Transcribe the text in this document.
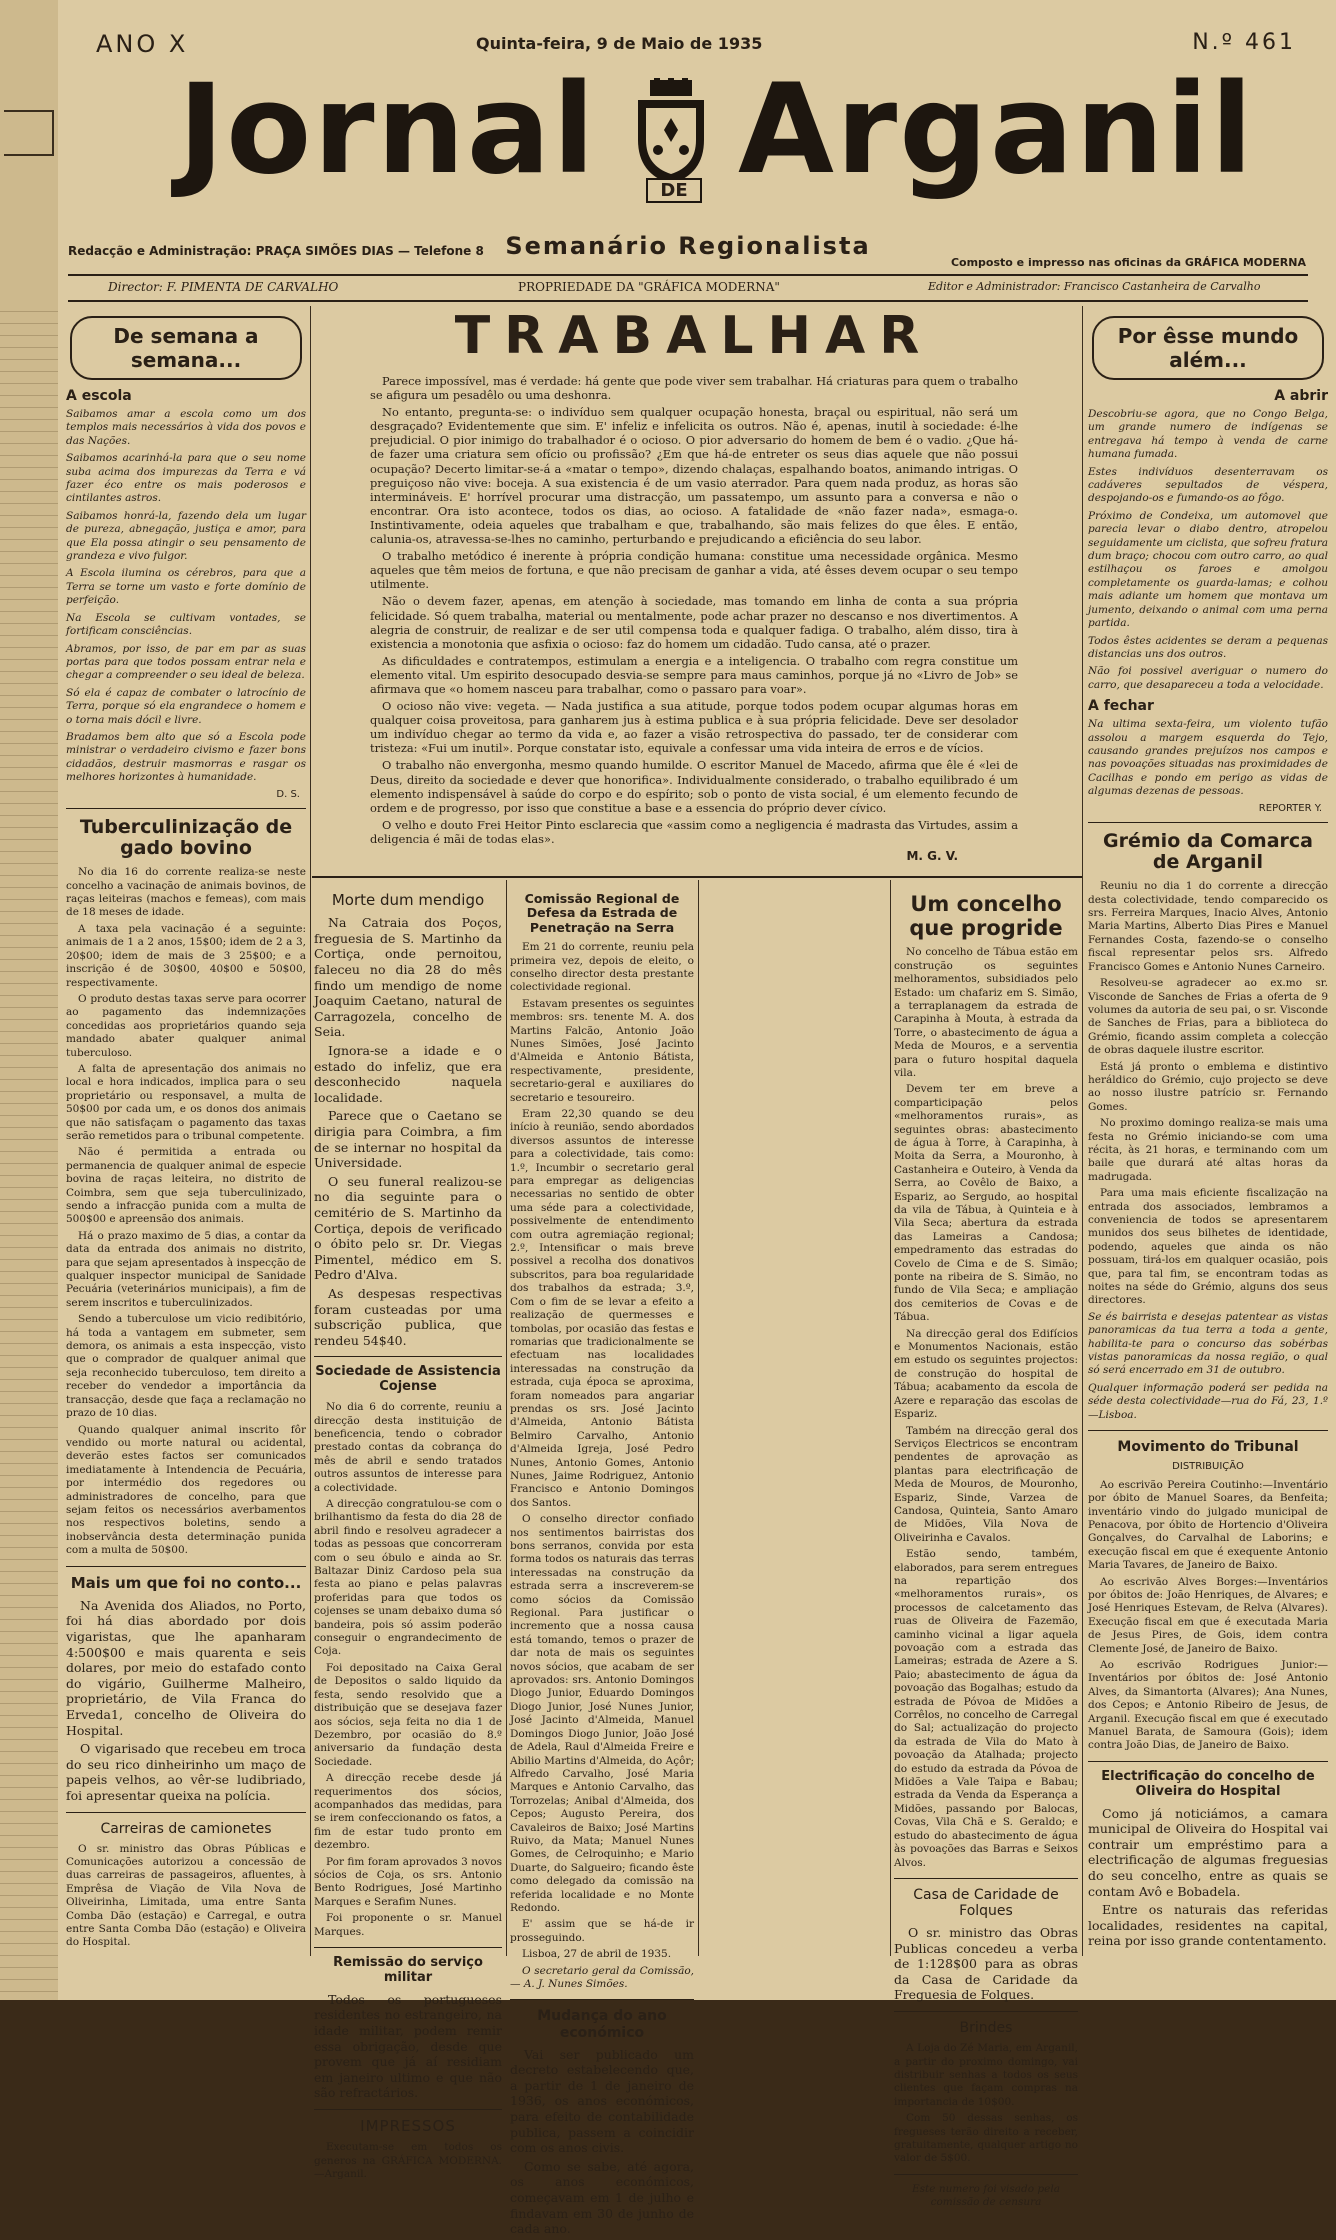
ANO X	Quinta-feira, 9 de Maio de 1935	N.º 461
Jornal	DE Arganil
Semanário Regionalista
Redacção e Administração: PRAÇA SIMÕES DIAS — Telefone 8
Composto e impresso nas oficinas da GRÁFICA MODERNA
Director: F. PIMENTA DE CARVALHO	PROPRIEDADE DA "GRÁFICA MODERNA"	Editor e Administrador: Francisco Castanheira de Carvalho
De semana a semana...
A escola

Saibamos amar a escola como um dos templos mais necessários à vida dos povos e das Nações.

Saibamos acarinhá-la para que o seu nome suba acima dos impurezas da Terra e vá fazer éco entre os mais poderosos e cintilantes astros.

Saibamos honrá-la, fazendo dela um lugar de pureza, abnegação, justiça e amor, para que Ela possa atingir o seu pensamento de grandeza e vivo fulgor.

A Escola ilumina os cérebros, para que a Terra se torne um vasto e forte domínio de perfeição.

Na Escola se cultivam vontades, se fortificam consciências.

Abramos, por isso, de par em par as suas portas para que todos possam entrar nela e chegar a compreender o seu ideal de beleza.

Só ela é capaz de combater o latrocínio de Terra, porque só ela engrandece o homem e o torna mais dócil e livre.

Bradamos bem alto que só a Escola pode ministrar o verdadeiro civismo e fazer bons cidadãos, destruir masmorras e rasgar os melhores horizontes à humanidade.

D. S.
Tuberculinização de gado bovino

No dia 16 do corrente realiza-se neste concelho a vacinação de animais bovinos, de raças leiteiras (machos e femeas), com mais de 18 meses de idade.

A taxa pela vacinação é a seguinte: animais de 1 a 2 anos, 15$00; idem de 2 a 3, 20$00; idem de mais de 3 25$00; e a inscrição é de 30$00, 40$00 e 50$00, respectivamente.

O produto destas taxas serve para ocorrer ao pagamento das indemnizações concedidas aos proprietários quando seja mandado abater qualquer animal tuberculoso.

A falta de apresentação dos animais no local e hora indicados, implica para o seu proprietário ou responsavel, a multa de 50$00 por cada um, e os donos dos animais que não satisfaçam o pagamento das taxas serão remetidos para o tribunal competente.

Não é permitida a entrada ou permanencia de qualquer animal de especie bovina de raças leiteira, no distrito de Coimbra, sem que seja tuberculinizado, sendo a infracção punida com a multa de 500$00 e apreensão dos animais.

Há o prazo maximo de 5 dias, a contar da data da entrada dos animais no distrito, para que sejam apresentados à inspecção de qualquer inspector municipal de Sanidade Pecuária (veterinários municipais), a fim de serem inscritos e tuberculinizados.

Sendo a tuberculose um vicio redibitório, há toda a vantagem em submeter, sem demora, os animais a esta inspecção, visto que o comprador de qualquer animal que seja reconhecido tuberculoso, tem direito a receber do vendedor a importância da transacção, desde que faça a reclamação no prazo de 10 dias.

Quando qualquer animal inscrito fôr vendido ou morte natural ou acidental, deverão estes factos ser comunicados imediatamente à Intendencia de Pecuária, por intermédio dos regedores ou administradores de concelho, para que sejam feitos os necessários averbamentos nos respectivos boletins, sendo a inobservância desta determinação punida com a multa de 50$00.

Mais um que foi no conto...

Na Avenida dos Aliados, no Porto, foi há dias abordado por dois vigaristas, que lhe apanharam 4:500$00 e mais quarenta e seis dolares, por meio do estafado conto do vigário, Guilherme Malheiro, proprietário, de Vila Franca do Erveda1, concelho de Oliveira do Hospital.

O vigarisado que recebeu em troca do seu rico dinheirinho um maço de papeis velhos, ao vêr-se ludibriado, foi apresentar queixa na polícia.

Carreiras de camionetes

O sr. ministro das Obras Públicas e Comunicações autorizou a concessão de duas carreiras de passageiros, afluentes, à Emprêsa de Viação de Vila Nova de Oliveirinha, Limitada, uma entre Santa Comba Dão (estação) e Carregal, e outra entre Santa Comba Dão (estação) e Oliveira do Hospital.

TRABALHAR

Parece impossível, mas é verdade: há gente que pode viver sem trabalhar. Há criaturas para quem o trabalho se afigura um pesadêlo ou uma deshonra.

No entanto, pregunta-se: o indivíduo sem qualquer ocupação honesta, braçal ou espiritual, não será um desgraçado? Evidentemente que sim. E' infeliz e infelicita os outros. Não é, apenas, inutil à sociedade: é-lhe prejudicial. O pior inimigo do trabalhador é o ocioso. O pior adversario do homem de bem é o vadio. ¿Que há-de fazer uma criatura sem ofício ou profissão? ¿Em que há-de entreter os seus dias aquele que não possui ocupação? Decerto limitar-se-á a «matar o tempo», dizendo chalaças, espalhando boatos, animando intrigas. O preguiçoso não vive: boceja. A sua existencia é de um vasio aterrador. Para quem nada produz, as horas são intermináveis. E' horrível procurar uma distracção, um passatempo, um assunto para a conversa e não o encontrar. Ora isto acontece, todos os dias, ao ocioso. A fatalidade de «não fazer nada», esmaga-o. Instintivamente, odeia aqueles que trabalham e que, trabalhando, são mais felizes do que êles. E então, calunia-os, atravessa-se-lhes no caminho, perturbando e prejudicando a eficiência do seu labor.

O trabalho metódico é inerente à própria condição humana: constitue uma necessidade orgânica. Mesmo aqueles que têm meios de fortuna, e que não precisam de ganhar a vida, até êsses devem ocupar o seu tempo utilmente.

Não o devem fazer, apenas, em atenção à sociedade, mas tomando em linha de conta a sua própria felicidade. Só quem trabalha, material ou mentalmente, pode achar prazer no descanso e nos divertimentos. A alegria de construir, de realizar e de ser util compensa toda e qualquer fadiga. O trabalho, além disso, tira à existencia a monotonia que asfixia o ocioso: faz do homem um cidadão. Tudo cansa, até o prazer.

As dificuldades e contratempos, estimulam a energia e a inteligencia. O trabalho com regra constitue um elemento vital. Um espirito desocupado desvia-se sempre para maus caminhos, porque já no «Livro de Job» se afirmava que «o homem nasceu para trabalhar, como o passaro para voar».

O ocioso não vive: vegeta. — Nada justifica a sua atitude, porque todos podem ocupar algumas horas em qualquer coisa proveitosa, para ganharem jus à estima publica e à sua própria felicidade. Deve ser desolador um indivíduo chegar ao termo da vida e, ao fazer a visão retrospectiva do passado, ter de considerar com tristeza: «Fui um inutil». Porque constatar isto, equivale a confessar uma vida inteira de erros e de vícios.

O trabalho não envergonha, mesmo quando humilde. O escritor Manuel de Macedo, afirma que êle é «lei de Deus, direito da sociedade e dever que honorifica». Individualmente considerado, o trabalho equilibrado é um elemento indispensável à saúde do corpo e do espírito; sob o ponto de vista social, é um elemento fecundo de ordem e de progresso, por isso que constitue a base e a essencia do próprio dever cívico.

O velho e douto Frei Heitor Pinto esclarecia que «assim como a negligencia é madrasta das Virtudes, assim a deligencia é mãi de todas elas».

M. G. V.
Morte dum mendigo

Na Catraia dos Poços, freguesia de S. Martinho da Cortiça, onde pernoitou, faleceu no dia 28 do mês findo um mendigo de nome Joaquim Caetano, natural de Carragozela, concelho de Seia.

Ignora-se a idade e o estado do infeliz, que era desconhecido naquela localidade.

Parece que o Caetano se dirigia para Coimbra, a fim de se internar no hospital da Universidade.

O seu funeral realizou-se no dia seguinte para o cemitério de S. Martinho da Cortiça, depois de verificado o óbito pelo sr. Dr. Viegas Pimentel, médico em S. Pedro d'Alva.

As despesas respectivas foram custeadas por uma subscrição publica, que rendeu 54$40.

Sociedade de Assistencia Cojense

No dia 6 do corrente, reuniu a direcção desta instituição de beneficencia, tendo o cobrador prestado contas da cobrança do mês de abril e sendo tratados outros assuntos de interesse para a colectividade.

A direcção congratulou-se com o brilhantismo da festa do dia 28 de abril findo e resolveu agradecer a todas as pessoas que concorreram com o seu óbulo e ainda ao Sr. Baltazar Diniz Cardoso pela sua festa ao piano e pelas palavras proferidas para que todos os cojenses se unam debaixo duma só bandeira, pois só assim poderão conseguir o engrandecimento de Coja.

Foi depositado na Caixa Geral de Depositos o saldo liquido da festa, sendo resolvido que a distribuição que se desejava fazer aos sócios, seja feita no dia 1 de Dezembro, por ocasião do 8.º aniversario da fundação desta Sociedade.

A direcção recebe desde já requerimentos dos sócios, acompanhados das medidas, para se irem confeccionando os fatos, a fim de estar tudo pronto em dezembro.

Por fim foram aprovados 3 novos sócios de Coja, os srs. Antonio Bento Rodrigues, José Martinho Marques e Serafim Nunes.

Foi proponente o sr. Manuel Marques.

Remissão do serviço militar

Todos os portugueses residentes no estrangeiro, na idade militar, podem remir essa obrigação, desde que provem que já aí residiam em janeiro ultimo e que não são refractários.

IMPRESSOS

Executam-se em todos os generos na GRÁFICA MODERNA.—Arganil.

Comissão Regional de Defesa da Estrada de Penetração na Serra

Em 21 do corrente, reuniu pela primeira vez, depois de eleito, o conselho director desta prestante colectividade regional.

Estavam presentes os seguintes membros: srs. tenente M. A. dos Martins Falcão, Antonio João Nunes Simões, José Jacinto d'Almeida e Antonio Bátista, respectivamente, presidente, secretario-geral e auxiliares do secretario e tesoureiro.

Eram 22,30 quando se deu início à reunião, sendo abordados diversos assuntos de interesse para a colectividade, tais como: 1.º, Incumbir o secretario geral para empregar as deligencias necessarias no sentido de obter uma séde para a colectividade, possivelmente de entendimento com outra agremiação regional; 2.º, Intensificar o mais breve possivel a recolha dos donativos subscritos, para boa regularidade dos trabalhos da estrada; 3.º, Com o fim de se levar a efeito a realização de quermesses e tombolas, por ocasião das festas e romarias que tradicionalmente se efectuam nas localidades interessadas na construção da estrada, cuja época se aproxima, foram nomeados para angariar prendas os srs. José Jacinto d'Almeida, Antonio Bátista Belmiro Carvalho, Antonio d'Almeida Igreja, José Pedro Nunes, Antonio Gomes, Antonio Nunes, Jaime Rodriguez, Antonio Francisco e Antonio Domingos dos Santos.

O conselho director confiado nos sentimentos bairristas dos bons serranos, convida por esta forma todos os naturais das terras interessadas na construção da estrada serra a inscreverem-se como sócios da Comissão Regional. Para justificar o incremento que a nossa causa está tomando, temos o prazer de dar nota de mais os seguintes novos sócios, que acabam de ser aprovados: srs. Antonio Domingos Diogo Junior, Eduardo Domingos Diogo Junior, José Nunes Junior, José Jacinto d'Almeida, Manuel Domingos Diogo Junior, João José de Adela, Raul d'Almeida Freire e Abilio Martins d'Almeida, do Açôr; Alfredo Carvalho, José Maria Marques e Antonio Carvalho, das Torrozelas; Anibal d'Almeida, dos Cepos; Augusto Pereira, dos Cavaleiros de Baixo; José Martins Ruivo, da Mata; Manuel Nunes Gomes, de Celroquinho; e Mario Duarte, do Salgueiro; ficando êste como delegado da comissão na referida localidade e no Monte Redondo.

E' assim que se há-de ir prosseguindo.

Lisboa, 27 de abril de 1935.

O secretario geral da Comissão,— A. J. Nunes Simões.

Mudança do ano económico

Vai ser publicado um decreto estabelecendo que, a partir de 1 de janeiro de 1936, os anos económicos, para efeito de contabilidade publica, passem a coincidir com os anos civis.

Como se sabe, até agora, os anos económicos, começavam em 1 de julho e findavam em 30 de junho de cada ano.

Um concelho que progride

No concelho de Tábua estão em construção os seguintes melhoramentos, subsidiados pelo Estado: um chafariz em S. Simão, a terraplanagem da estrada de Carapinha à Mouta, à estrada da Torre, o abastecimento de água a Meda de Mouros, e a serventia para o futuro hospital daquela vila.

Devem ter em breve a comparticipação pelos «melhoramentos rurais», as seguintes obras: abastecimento de água à Torre, à Carapinha, à Moita da Serra, a Mouronho, à Castanheira e Outeiro, à Venda da Serra, ao Covêlo de Baixo, a Espariz, ao Sergudo, ao hospital da vila de Tábua, à Quinteia e à Vila Seca; abertura da estrada das Lameiras a Candosa; empedramento das estradas do Covelo de Cima e de S. Simão; ponte na ribeira de S. Simão, no fundo de Vila Seca; e ampliação dos cemiterios de Covas e de Tábua.

Na direcção geral dos Edifícios e Monumentos Nacionais, estão em estudo os seguintes projectos: de construção do hospital de Tábua; acabamento da escola de Azere e reparação das escolas de Espariz.

Também na direcção geral dos Serviços Electricos se encontram pendentes de aprovação as plantas para electrificação de Meda de Mouros, de Mouronho, Espariz, Sinde, Varzea de Candosa, Quinteia, Santo Amaro de Midões, Vila Nova de Oliveirinha e Cavalos.

Estão sendo, também, elaborados, para serem entregues na repartição dos «melhoramentos rurais», os processos de calcetamento das ruas de Oliveira de Fazemão, caminho vicinal a ligar aquela povoação com a estrada das Lameiras; estrada de Azere a S. Paio; abastecimento de água da povoação das Bogalhas; estudo da estrada de Póvoa de Midões a Corrêlos, no concelho de Carregal do Sal; actualização do projecto da estrada de Vila do Mato à povoação da Atalhada; projecto do estudo da estrada da Póvoa de Midões a Vale Taipa e Babau; estrada da Venda da Esperança a Midões, passando por Balocas, Covas, Vila Chã e S. Geraldo; e estudo do abastecimento de água às povoações das Barras e Seixos Alvos.

Casa de Caridade de Folques

O sr. ministro das Obras Publicas concedeu a verba de 1:128$00 para as obras da Casa de Caridade da Freguesia de Folques.

Brindes

A Loja do Zé Maria, em Arganil, a partir do proximo domingo, vai distribuir senhas a todos os seus clientes que façam compras na importancia de 10$00.

Com 50 dessas senhas, os fregueses terão direito a receber, gratuitamente, qualquer artigo no valor de 5$00.

Este numero foi visado pela comissão de censura

Por êsse mundo além...
A abrir

Descobriu-se agora, que no Congo Belga, um grande numero de indígenas se entregava há tempo à venda de carne humana fumada.

Estes indivíduos desenterravam os cadáveres sepultados de véspera, despojando-os e fumando-os ao fôgo.

Próximo de Condeixa, um automovel que parecia levar o diabo dentro, atropelou seguidamente um ciclista, que sofreu fratura dum braço; chocou com outro carro, ao qual estilhaçou os faroes e amolgou completamente os guarda-lamas; e colhou mais adiante um homem que montava um jumento, deixando o animal com uma perna partida.

Todos êstes acidentes se deram a pequenas distancias uns dos outros.

Não foi possivel averiguar o numero do carro, que desapareceu a toda a velocidade.

A fechar

Na ultima sexta-feira, um violento tufão assolou a margem esquerda do Tejo, causando grandes prejuízos nos campos e nas povoações situadas nas proximidades de Cacilhas e pondo em perigo as vidas de algumas dezenas de pessoas.

REPORTER Y.
Grémio da Comarca de Arganil

Reuniu no dia 1 do corrente a direcção desta colectividade, tendo comparecido os srs. Ferreira Marques, Inacio Alves, Antonio Maria Martins, Alberto Dias Pires e Manuel Fernandes Costa, fazendo-se o conselho fiscal representar pelos srs. Alfredo Francisco Gomes e Antonio Nunes Carneiro.

Resolveu-se agradecer ao ex.mo sr. Visconde de Sanches de Frias a oferta de 9 volumes da autoria de seu pai, o sr. Visconde de Sanches de Frias, para a biblioteca do Grémio, ficando assim completa a colecção de obras daquele ilustre escritor.

Está já pronto o emblema e distintivo heráldico do Grémio, cujo projecto se deve ao nosso ilustre patrício sr. Fernando Gomes.

No proximo domingo realiza-se mais uma festa no Grémio iniciando-se com uma récita, às 21 horas, e terminando com um baile que durará até altas horas da madrugada.

Para uma mais eficiente fiscalização na entrada dos associados, lembramos a conveniencia de todos se apresentarem munidos dos seus bilhetes de identidade, podendo, aqueles que ainda os não possuam, tirá-los em qualquer ocasião, pois que, para tal fim, se encontram todas as noites na séde do Grémio, alguns dos seus directores.

Se és bairrista e desejas patentear as vistas panoramicas da tua terra a toda a gente, habilita-te para o concurso das sobérbas vistas panoramicas da nossa região, o qual só será encerrado em 31 de outubro.

Qualquer informação poderá ser pedida na séde desta colectividade—rua do Fá, 23, 1.º—Lisboa.

Movimento do Tribunal
DISTRIBUIÇÃO

Ao escrivão Pereira Coutinho:—Inventário por óbito de Manuel Soares, da Benfeita; inventário vindo do julgado municipal de Penacova, por óbito de Hortencio d'Oliveira Gonçalves, do Carvalhal de Laborins; e execução fiscal em que é exequente Antonio Maria Tavares, de Janeiro de Baixo.

Ao escrivão Alves Borges:—Inventários por óbitos de: João Henriques, de Alvares; e José Henriques Estevam, de Relva (Alvares). Execução fiscal em que é executada Maria de Jesus Pires, de Gois, idem contra Clemente José, de Janeiro de Baixo.

Ao escrivão Rodrigues Junior:—Inventários por óbitos de: José Antonio Alves, da Simantorta (Alvares); Ana Nunes, dos Cepos; e Antonio Ribeiro de Jesus, de Arganil. Execução fiscal em que é executado Manuel Barata, de Samoura (Gois); idem contra João Dias, de Janeiro de Baixo.

Electrificação do concelho de Oliveira do Hospital

Como já noticiámos, a camara municipal de Oliveira do Hospital vai contrair um empréstimo para a electrificação de algumas freguesias do seu concelho, entre as quais se contam Avô e Bobadela.

Entre os naturais das referidas localidades, residentes na capital, reina por isso grande contentamento.
